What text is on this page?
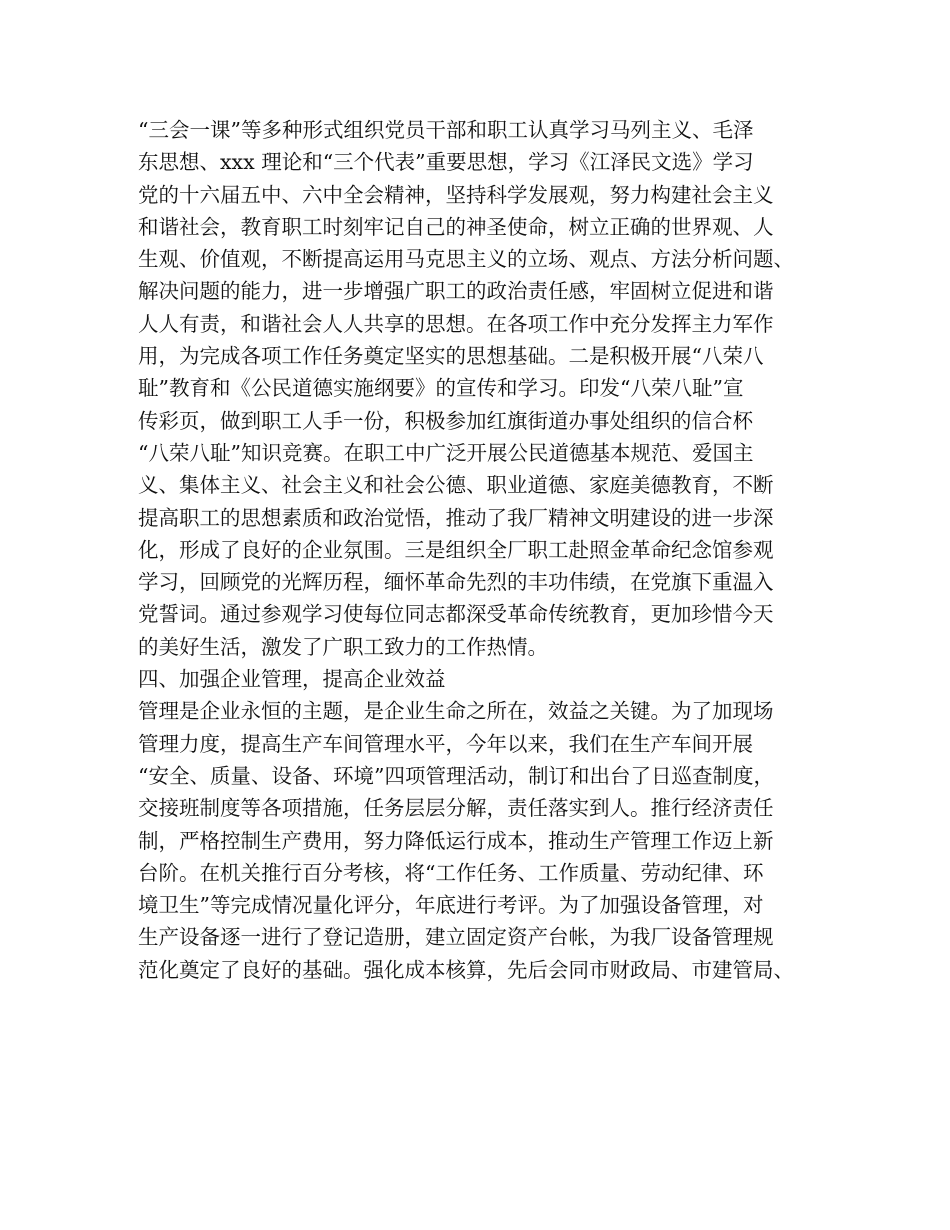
“三会一课”等多种形式组织党员干部和职工认真学习马列主义、毛泽
东思想、xxx 理论和“三个代表”重要思想，学习《江泽民文选》学习
党的十六届五中、六中全会精神，坚持科学发展观，努力构建社会主义
和谐社会，教育职工时刻牢记自己的神圣使命，树立正确的世界观、人
生观、价值观，不断提高运用马克思主义的立场、观点、方法分析问题、
解决问题的能力，进一步增强广职工的政治责任感，牢固树立促进和谐
人人有责，和谐社会人人共享的思想。在各项工作中充分发挥主力军作
用，为完成各项工作任务奠定坚实的思想基础。二是积极开展“八荣八
耻”教育和《公民道德实施纲要》的宣传和学习。印发“八荣八耻”宣
传彩页，做到职工人手一份，积极参加红旗街道办事处组织的信合杯
“八荣八耻”知识竞赛。在职工中广泛开展公民道德基本规范、爱国主
义、集体主义、社会主义和社会公德、职业道德、家庭美德教育，不断
提高职工的思想素质和政治觉悟，推动了我厂精神文明建设的进一步深
化，形成了良好的企业氛围。三是组织全厂职工赴照金革命纪念馆参观
学习，回顾党的光辉历程，缅怀革命先烈的丰功伟绩，在党旗下重温入
党誓词。通过参观学习使每位同志都深受革命传统教育，更加珍惜今天
的美好生活，激发了广职工致力的工作热情。
四、加强企业管理，提高企业效益
管理是企业永恒的主题，是企业生命之所在，效益之关键。为了加现场
管理力度，提高生产车间管理水平，今年以来，我们在生产车间开展
“安全、质量、设备、环境”四项管理活动，制订和出台了日巡查制度，
交接班制度等各项措施，任务层层分解，责任落实到人。推行经济责任
制，严格控制生产费用，努力降低运行成本，推动生产管理工作迈上新
台阶。在机关推行百分考核，将“工作任务、工作质量、劳动纪律、环
境卫生”等完成情况量化评分，年底进行考评。为了加强设备管理，对
生产设备逐一进行了登记造册，建立固定资产台帐，为我厂设备管理规
范化奠定了良好的基础。强化成本核算，先后会同市财政局、市建管局、
